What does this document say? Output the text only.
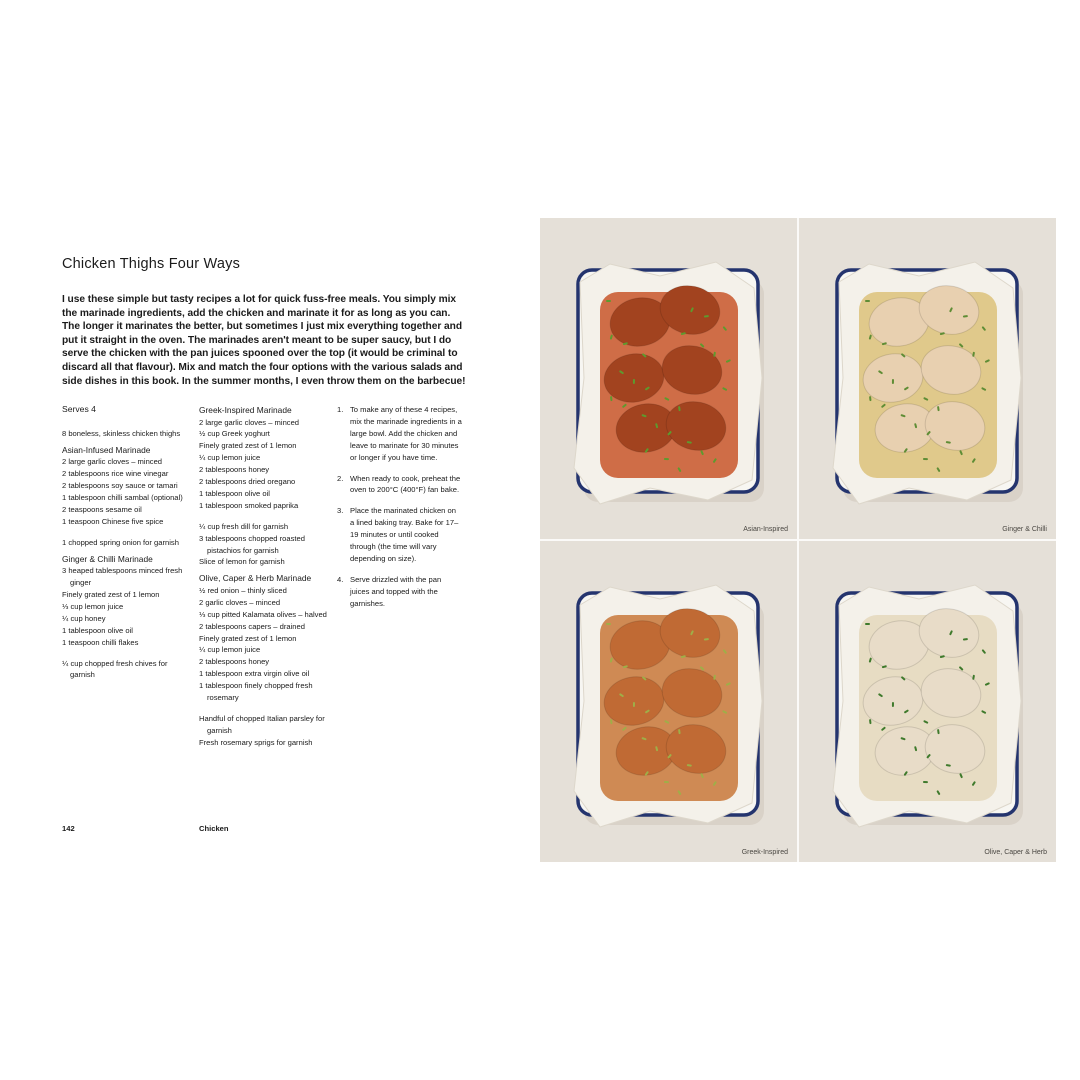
Chicken Thighs Four Ways

I use these simple but tasty recipes a lot for quick fuss-free meals. You simply mix the marinade ingredients, add the chicken and marinate it for as long as you can. The longer it marinates the better, but sometimes I just mix everything together and put it straight in the oven. The marinades aren't meant to be super saucy, but I do serve the chicken with the pan juices spooned over the top (it would be criminal to discard all that flavour). Mix and match the four options with the various salads and side dishes in this book. In the summer months, I even throw them on the barbecue!

Serves 4

8 boneless, skinless chicken thighs

Asian-Infused Marinade

2 large garlic cloves – minced
2 tablespoons rice wine vinegar
2 tablespoons soy sauce or tamari
1 tablespoon chilli sambal (optional)
2 teaspoons sesame oil
1 teaspoon Chinese five spice
1 chopped spring onion for garnish

Ginger & Chilli Marinade

3 heaped tablespoons minced fresh ginger
Finely grated zest of 1 lemon
⅓ cup lemon juice
¼ cup honey
1 tablespoon olive oil
1 teaspoon chilli flakes
¼ cup chopped fresh chives for garnish

Greek-Inspired Marinade

2 large garlic cloves – minced
½ cup Greek yoghurt
Finely grated zest of 1 lemon
¼ cup lemon juice
2 tablespoons honey
2 tablespoons dried oregano
1 tablespoon olive oil
1 tablespoon smoked paprika
¼ cup fresh dill for garnish
3 tablespoons chopped roasted pistachios for garnish
Slice of lemon for garnish

Olive, Caper & Herb Marinade

½ red onion – thinly sliced
2 garlic cloves – minced
⅓ cup pitted Kalamata olives – halved
2 tablespoons capers – drained
Finely grated zest of 1 lemon
¼ cup lemon juice
2 tablespoons honey
1 tablespoon extra virgin olive oil
1 tablespoon finely chopped fresh rosemary
Handful of chopped Italian parsley for garnish
Fresh rosemary sprigs for garnish
1. To make any of these 4 recipes, mix the marinade ingredients in a large bowl. Add the chicken and leave to marinate for 30 minutes or longer if you have time.
2. When ready to cook, preheat the oven to 200°C (400°F) fan bake.
3. Place the marinated chicken on a lined baking tray. Bake for 17–19 minutes or until cooked through (the time will vary depending on size).
4. Serve drizzled with the pan juices and topped with the garnishes.
142	Chicken
Asian-Inspired	Ginger & Chilli
Greek-Inspired	Olive, Caper & Herb
